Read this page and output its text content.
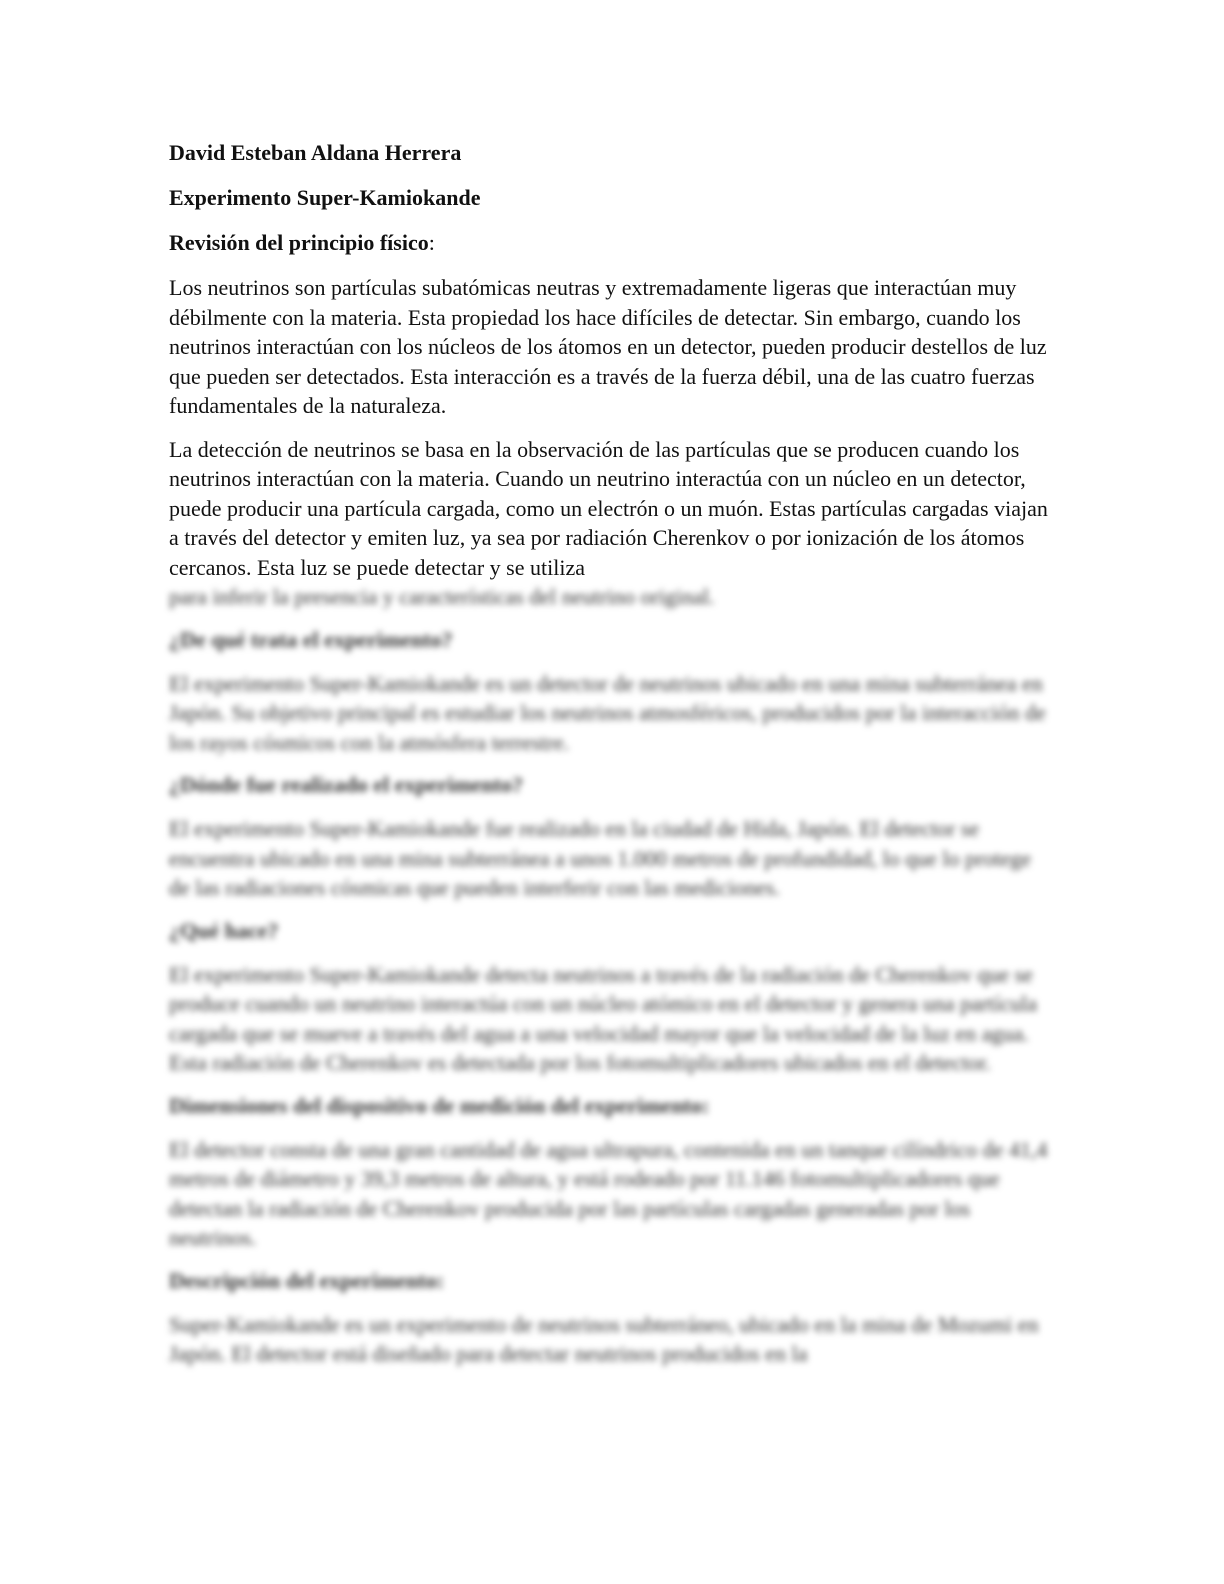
David Esteban Aldana Herrera

Experimento Super-Kamiokande

Revisión del principio físico:

Los neutrinos son partículas subatómicas neutras y extremadamente ligeras que interactúan muy débilmente con la materia. Esta propiedad los hace difíciles de detectar. Sin embargo, cuando los neutrinos interactúan con los núcleos de los átomos en un detector, pueden producir destellos de luz que pueden ser detectados. Esta interacción es a través de la fuerza débil, una de las cuatro fuerzas fundamentales de la naturaleza.

La detección de neutrinos se basa en la observación de las partículas que se producen cuando los neutrinos interactúan con la materia. Cuando un neutrino interactúa con un núcleo en un detector, puede producir una partícula cargada, como un electrón o un muón. Estas partículas cargadas viajan a través del detector y emiten luz, ya sea por radiación Cherenkov o por ionización de los átomos cercanos. Esta luz se puede detectar y se utiliza

para inferir la presencia y características del neutrino original.

¿De qué trata el experimento?

El experimento Super-Kamiokande es un detector de neutrinos ubicado en una mina subterránea en Japón. Su objetivo principal es estudiar los neutrinos atmosféricos, producidos por la interacción de los rayos cósmicos con la atmósfera terrestre.

¿Dónde fue realizado el experimento?

El experimento Super-Kamiokande fue realizado en la ciudad de Hida, Japón. El detector se encuentra ubicado en una mina subterránea a unos 1.000 metros de profundidad, lo que lo protege de las radiaciones cósmicas que pueden interferir con las mediciones.

¿Qué hace?

El experimento Super-Kamiokande detecta neutrinos a través de la radiación de Cherenkov que se produce cuando un neutrino interactúa con un núcleo atómico en el detector y genera una partícula cargada que se mueve a través del agua a una velocidad mayor que la velocidad de la luz en agua. Esta radiación de Cherenkov es detectada por los fotomultiplicadores ubicados en el detector.

Dimensiones del dispositivo de medición del experimento:

El detector consta de una gran cantidad de agua ultrapura, contenida en un tanque cilíndrico de 41,4 metros de diámetro y 39,3 metros de altura, y está rodeado por 11.146 fotomultiplicadores que detectan la radiación de Cherenkov producida por las partículas cargadas generadas por los neutrinos.

Descripción del experimento:

Super-Kamiokande es un experimento de neutrinos subterráneo, ubicado en la mina de Mozumi en Japón. El detector está diseñado para detectar neutrinos producidos en la
